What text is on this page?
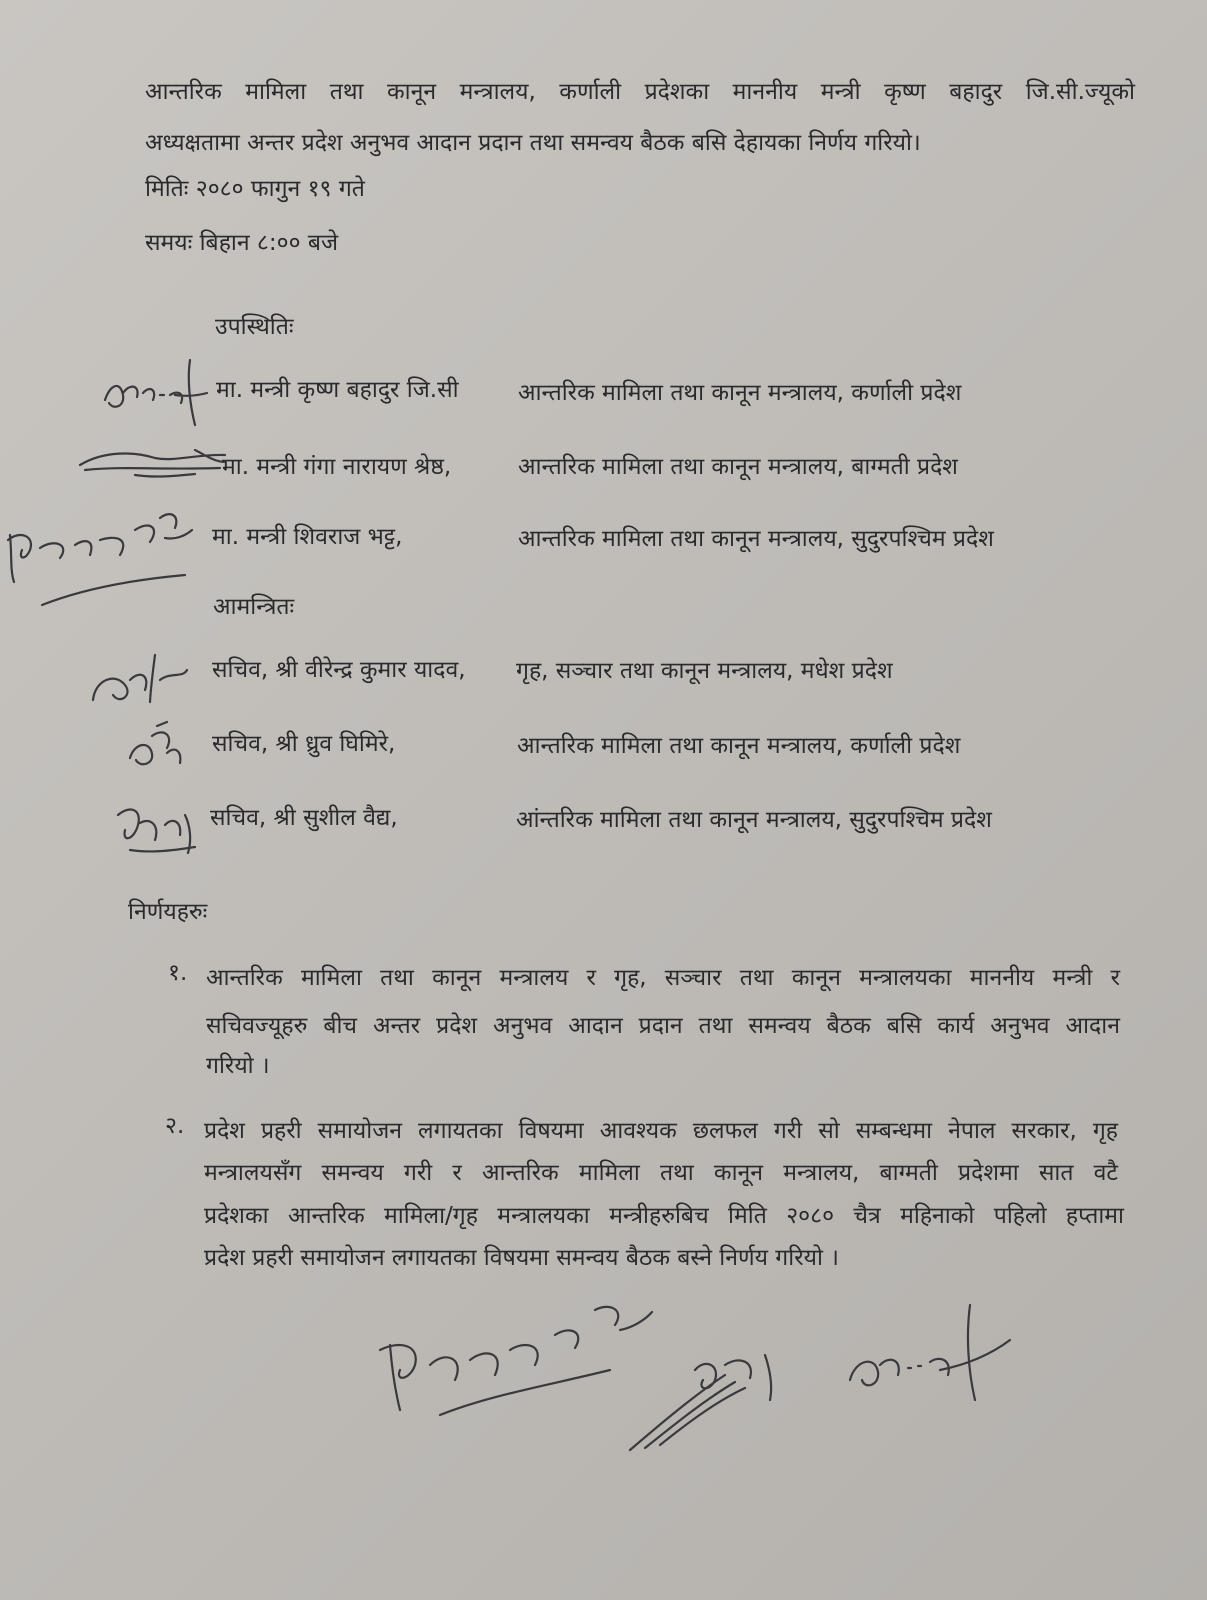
आन्तरिक मामिला तथा कानून मन्त्रालय, कर्णाली प्रदेशका माननीय मन्त्री कृष्ण बहादुर जि.सी.ज्यूको
अध्यक्षतामा अन्तर प्रदेश अनुभव आदान प्रदान तथा समन्वय बैठक बसि देहायका निर्णय गरियो।
मितिः २०८० फागुन १९ गते
समयः बिहान ८:०० बजे
उपस्थितिः
मा. मन्त्री कृष्ण बहादुर जि.सी	आन्तरिक मामिला तथा कानून मन्त्रालय, कर्णाली प्रदेश
मा. मन्त्री गंगा नारायण श्रेष्ठ,	आन्तरिक मामिला तथा कानून मन्त्रालय, बाग्मती प्रदेश
मा. मन्त्री शिवराज भट्ट,	आन्तरिक मामिला तथा कानून मन्त्रालय, सुदुरपश्चिम प्रदेश
आमन्त्रितः
सचिव, श्री वीरेन्द्र कुमार यादव, गृह, सञ्चार तथा कानून मन्त्रालय, मधेश प्रदेश
सचिव, श्री ध्रुव घिमिरे,	आन्तरिक मामिला तथा कानून मन्त्रालय, कर्णाली प्रदेश
सचिव, श्री सुशील वैद्य,	आंन्तरिक मामिला तथा कानून मन्त्रालय, सुदुरपश्चिम प्रदेश
निर्णयहरुः
१. आन्तरिक मामिला तथा कानून मन्त्रालय र गृह, सञ्चार तथा कानून मन्त्रालयका माननीय मन्त्री र
सचिवज्यूहरु बीच अन्तर प्रदेश अनुभव आदान प्रदान तथा समन्वय बैठक बसि कार्य अनुभव आदान
गरियो ।
२. प्रदेश प्रहरी समायोजन लगायतका विषयमा आवश्यक छलफल गरी सो सम्बन्धमा नेपाल सरकार, गृह
मन्त्रालयसँग समन्वय गरी र आन्तरिक मामिला तथा कानून मन्त्रालय, बाग्मती प्रदेशमा सात वटै
प्रदेशका आन्तरिक मामिला/गृह मन्त्रालयका मन्त्रीहरुबिच मिति २०८० चैत्र महिनाको पहिलो हप्तामा
प्रदेश प्रहरी समायोजन लगायतका विषयमा समन्वय बैठक बस्ने निर्णय गरियो ।
